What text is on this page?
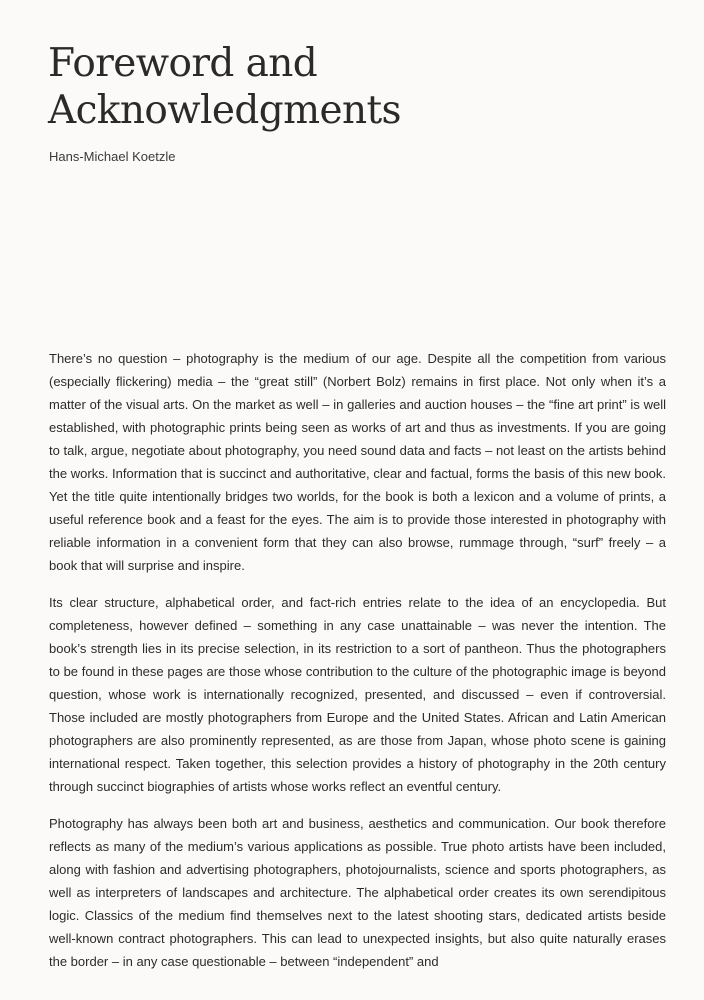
Foreword and
Acknowledgments

Hans-Michael Koetzle

There’s no question – photography is the medium of our age. Despite all the competition from various (especially flickering) media – the “great still” (Norbert Bolz) remains in first place. Not only when it’s a matter of the visual arts. On the market as well – in galleries and auction houses – the “fine art print” is well established, with photographic prints being seen as works of art and thus as investments. If you are going to talk, argue, negotiate about photography, you need sound data and facts – not least on the artists behind the works. Information that is succinct and authoritative, clear and factual, forms the basis of this new book. Yet the title quite intentionally bridges two worlds, for the book is both a lexicon and a volume of prints, a useful reference book and a feast for the eyes. The aim is to provide those interested in photography with reliable information in a convenient form that they can also browse, rummage through, “surf” freely – a book that will surprise and inspire.

Its clear structure, alphabetical order, and fact-rich entries relate to the idea of an encyclopedia. But completeness, however defined – something in any case unattainable – was never the intention. The book’s strength lies in its precise selection, in its restriction to a sort of pantheon. Thus the photographers to be found in these pages are those whose contribution to the culture of the photographic image is beyond question, whose work is internationally recognized, presented, and discussed – even if controversial. Those included are mostly photographers from Europe and the United States. African and Latin American photographers are also prominently represented, as are those from Japan, whose photo scene is gaining international respect. Taken together, this selection provides a history of photography in the 20th century through succinct biographies of artists whose works reflect an eventful century.

Photography has always been both art and business, aesthetics and communication. Our book therefore reflects as many of the medium’s various applications as possible. True photo artists have been included, along with fashion and advertising photographers, photojournalists, science and sports photographers, as well as interpreters of landscapes and architecture. The alphabetical order creates its own serendipitous logic. Classics of the medium find themselves next to the latest shooting stars, dedicated artists beside well-known contract photographers. This can lead to unexpected insights, but also quite naturally erases the border – in any case questionable – between “independent” and
